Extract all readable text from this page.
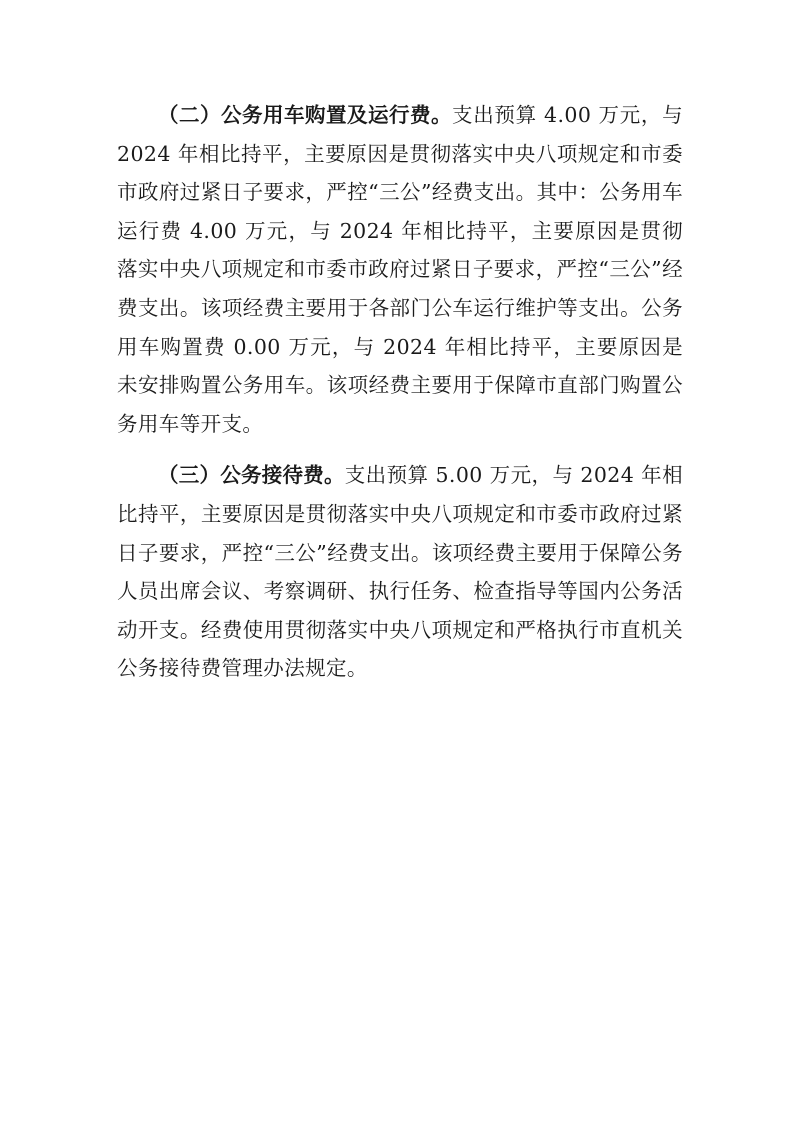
（二）公务用车购置及运行费。支出预算 4.00 万元，与 2024 年相比持平，主要原因是贯彻落实中央八项规定和市委市政府过紧日子要求，严控“三公”经费支出。其中：公务用车运行费 4.00 万元，与 2024 年相比持平，主要原因是贯彻落实中央八项规定和市委市政府过紧日子要求，严控“三公”经费支出。该项经费主要用于各部门公车运行维护等支出。公务用车购置费 0.00 万元，与 2024 年相比持平，主要原因是未安排购置公务用车。该项经费主要用于保障市直部门购置公务用车等开支。

（三）公务接待费。支出预算 5.00 万元，与 2024 年相比持平，主要原因是贯彻落实中央八项规定和市委市政府过紧日子要求，严控“三公”经费支出。该项经费主要用于保障公务人员出席会议、考察调研、执行任务、检查指导等国内公务活动开支。经费使用贯彻落实中央八项规定和严格执行市直机关公务接待费管理办法规定。
